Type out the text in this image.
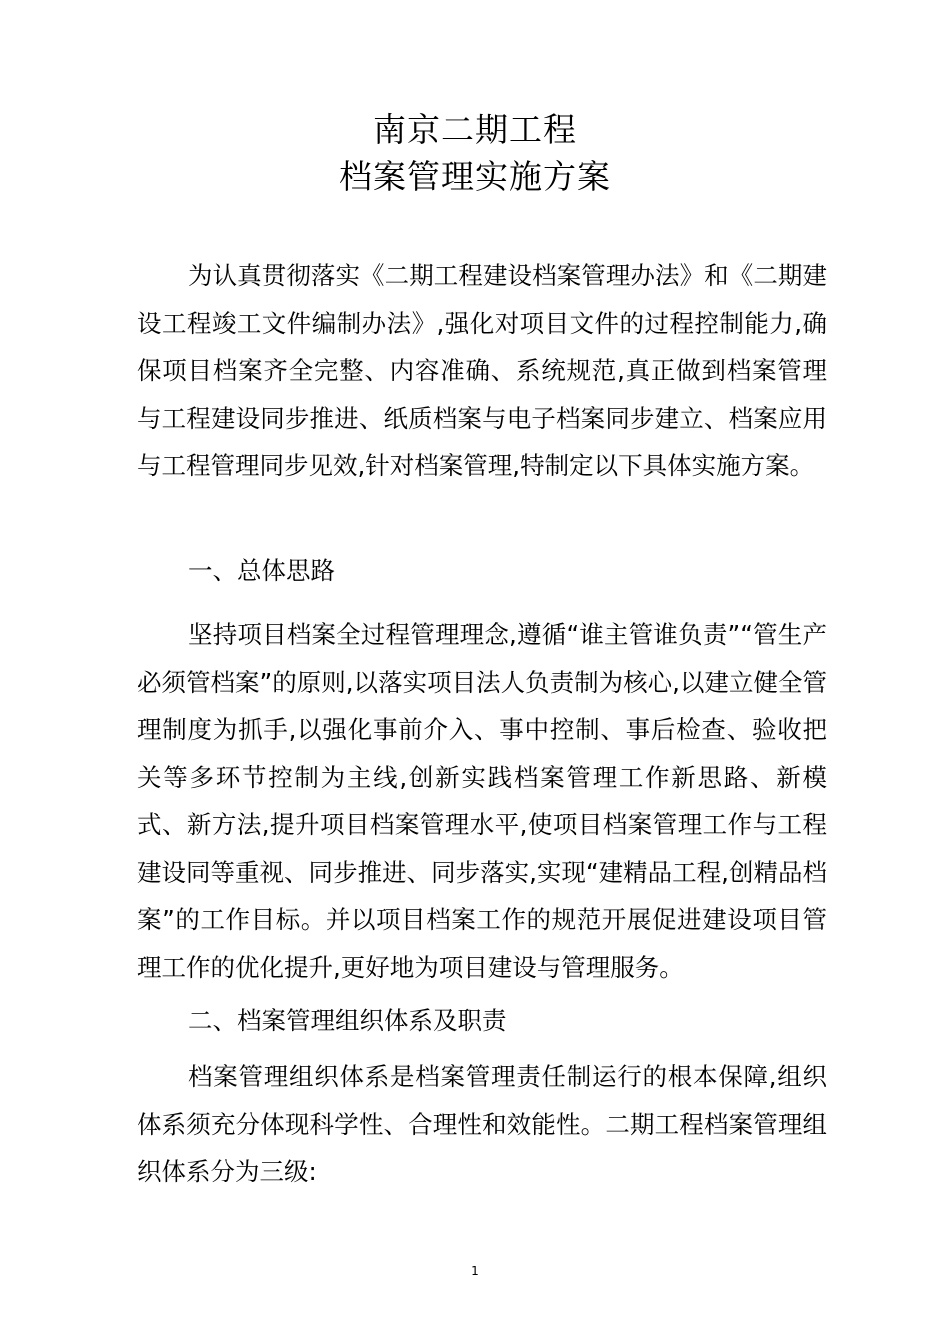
南京二期工程
档案管理实施方案
为认真贯彻落实《二期工程建设档案管理办法》和《二期建设工程竣工文件编制办法》,强化对项目文件的过程控制能力,确保项目档案齐全完整、内容准确、系统规范,真正做到档案管理与工程建设同步推进、纸质档案与电子档案同步建立、档案应用与工程管理同步见效,针对档案管理,特制定以下具体实施方案。
一、总体思路
坚持项目档案全过程管理理念,遵循“谁主管谁负责”“管生产必须管档案”的原则,以落实项目法人负责制为核心,以建立健全管理制度为抓手,以强化事前介入、事中控制、事后检查、验收把关等多环节控制为主线,创新实践档案管理工作新思路、新模式、新方法,提升项目档案管理水平,使项目档案管理工作与工程建设同等重视、同步推进、同步落实,实现“建精品工程,创精品档案”的工作目标。并以项目档案工作的规范开展促进建设项目管理工作的优化提升,更好地为项目建设与管理服务。
二、档案管理组织体系及职责
档案管理组织体系是档案管理责任制运行的根本保障,组织体系须充分体现科学性、合理性和效能性。二期工程档案管理组织体系分为三级:
1
